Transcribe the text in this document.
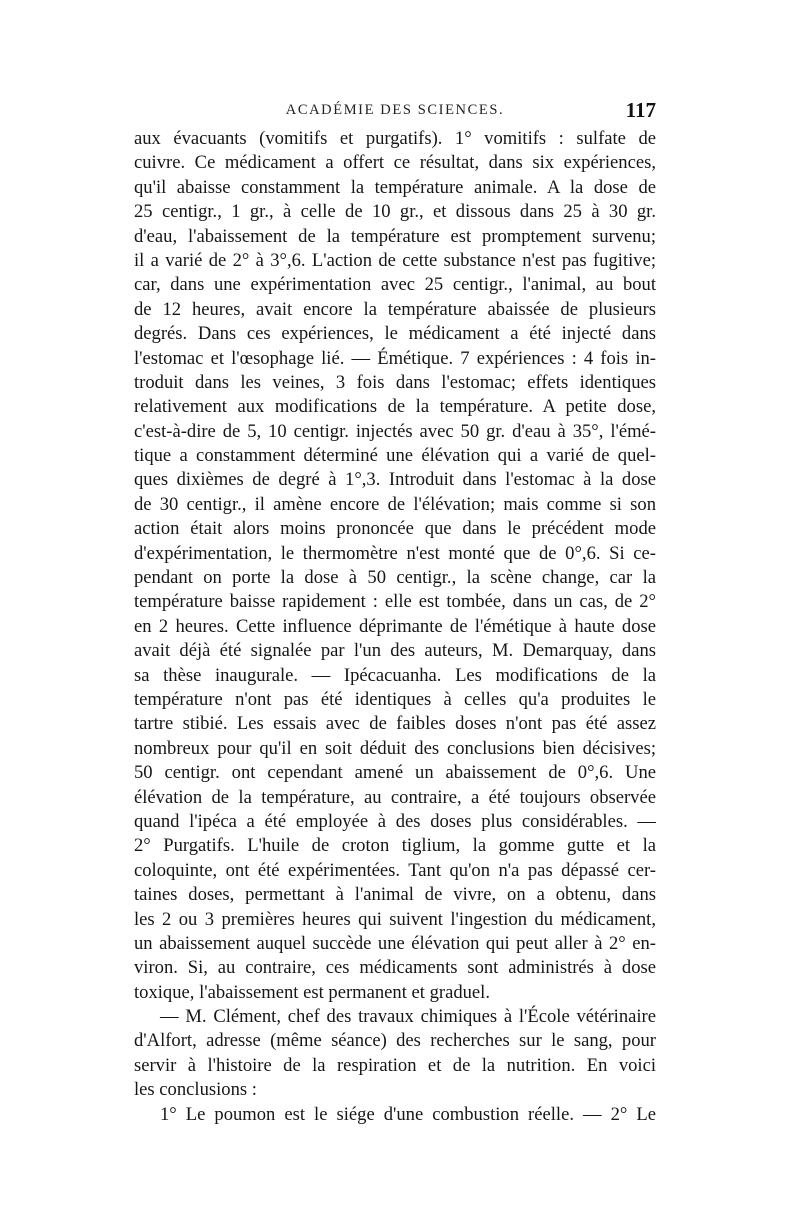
ACADÉMIE DES SCIENCES.	117
aux évacuants (vomitifs et purgatifs). 1° vomitifs : sulfate de
cuivre. Ce médicament a offert ce résultat, dans six expériences,
qu'il abaisse constamment la température animale. A la dose de
25 centigr., 1 gr., à celle de 10 gr., et dissous dans 25 à 30 gr.
d'eau, l'abaissement de la température est promptement survenu;
il a varié de 2° à 3°,6. L'action de cette substance n'est pas fugitive;
car, dans une expérimentation avec 25 centigr., l'animal, au bout
de 12 heures, avait encore la température abaissée de plusieurs
degrés. Dans ces expériences, le médicament a été injecté dans
l'estomac et l'œsophage lié. — Émétique. 7 expériences : 4 fois in-
troduit dans les veines, 3 fois dans l'estomac; effets identiques
relativement aux modifications de la température. A petite dose,
c'est-à-dire de 5, 10 centigr. injectés avec 50 gr. d'eau à 35°, l'émé-
tique a constamment déterminé une élévation qui a varié de quel-
ques dixièmes de degré à 1°,3. Introduit dans l'estomac à la dose
de 30 centigr., il amène encore de l'élévation; mais comme si son
action était alors moins prononcée que dans le précédent mode
d'expérimentation, le thermomètre n'est monté que de 0°,6. Si ce-
pendant on porte la dose à 50 centigr., la scène change, car la
température baisse rapidement : elle est tombée, dans un cas, de 2°
en 2 heures. Cette influence déprimante de l'émétique à haute dose
avait déjà été signalée par l'un des auteurs, M. Demarquay, dans
sa thèse inaugurale. — Ipécacuanha. Les modifications de la
température n'ont pas été identiques à celles qu'a produites le
tartre stibié. Les essais avec de faibles doses n'ont pas été assez
nombreux pour qu'il en soit déduit des conclusions bien décisives;
50 centigr. ont cependant amené un abaissement de 0°,6. Une
élévation de la température, au contraire, a été toujours observée
quand l'ipéca a été employée à des doses plus considérables. —
2° Purgatifs. L'huile de croton tiglium, la gomme gutte et la
coloquinte, ont été expérimentées. Tant qu'on n'a pas dépassé cer-
taines doses, permettant à l'animal de vivre, on a obtenu, dans
les 2 ou 3 premières heures qui suivent l'ingestion du médicament,
un abaissement auquel succède une élévation qui peut aller à 2° en-
viron. Si, au contraire, ces médicaments sont administrés à dose
toxique, l'abaissement est permanent et graduel.
— M. Clément, chef des travaux chimiques à l'École vétérinaire
d'Alfort, adresse (même séance) des recherches sur le sang, pour
servir à l'histoire de la respiration et de la nutrition. En voici
les conclusions :
1° Le poumon est le siége d'une combustion réelle. — 2° Le
